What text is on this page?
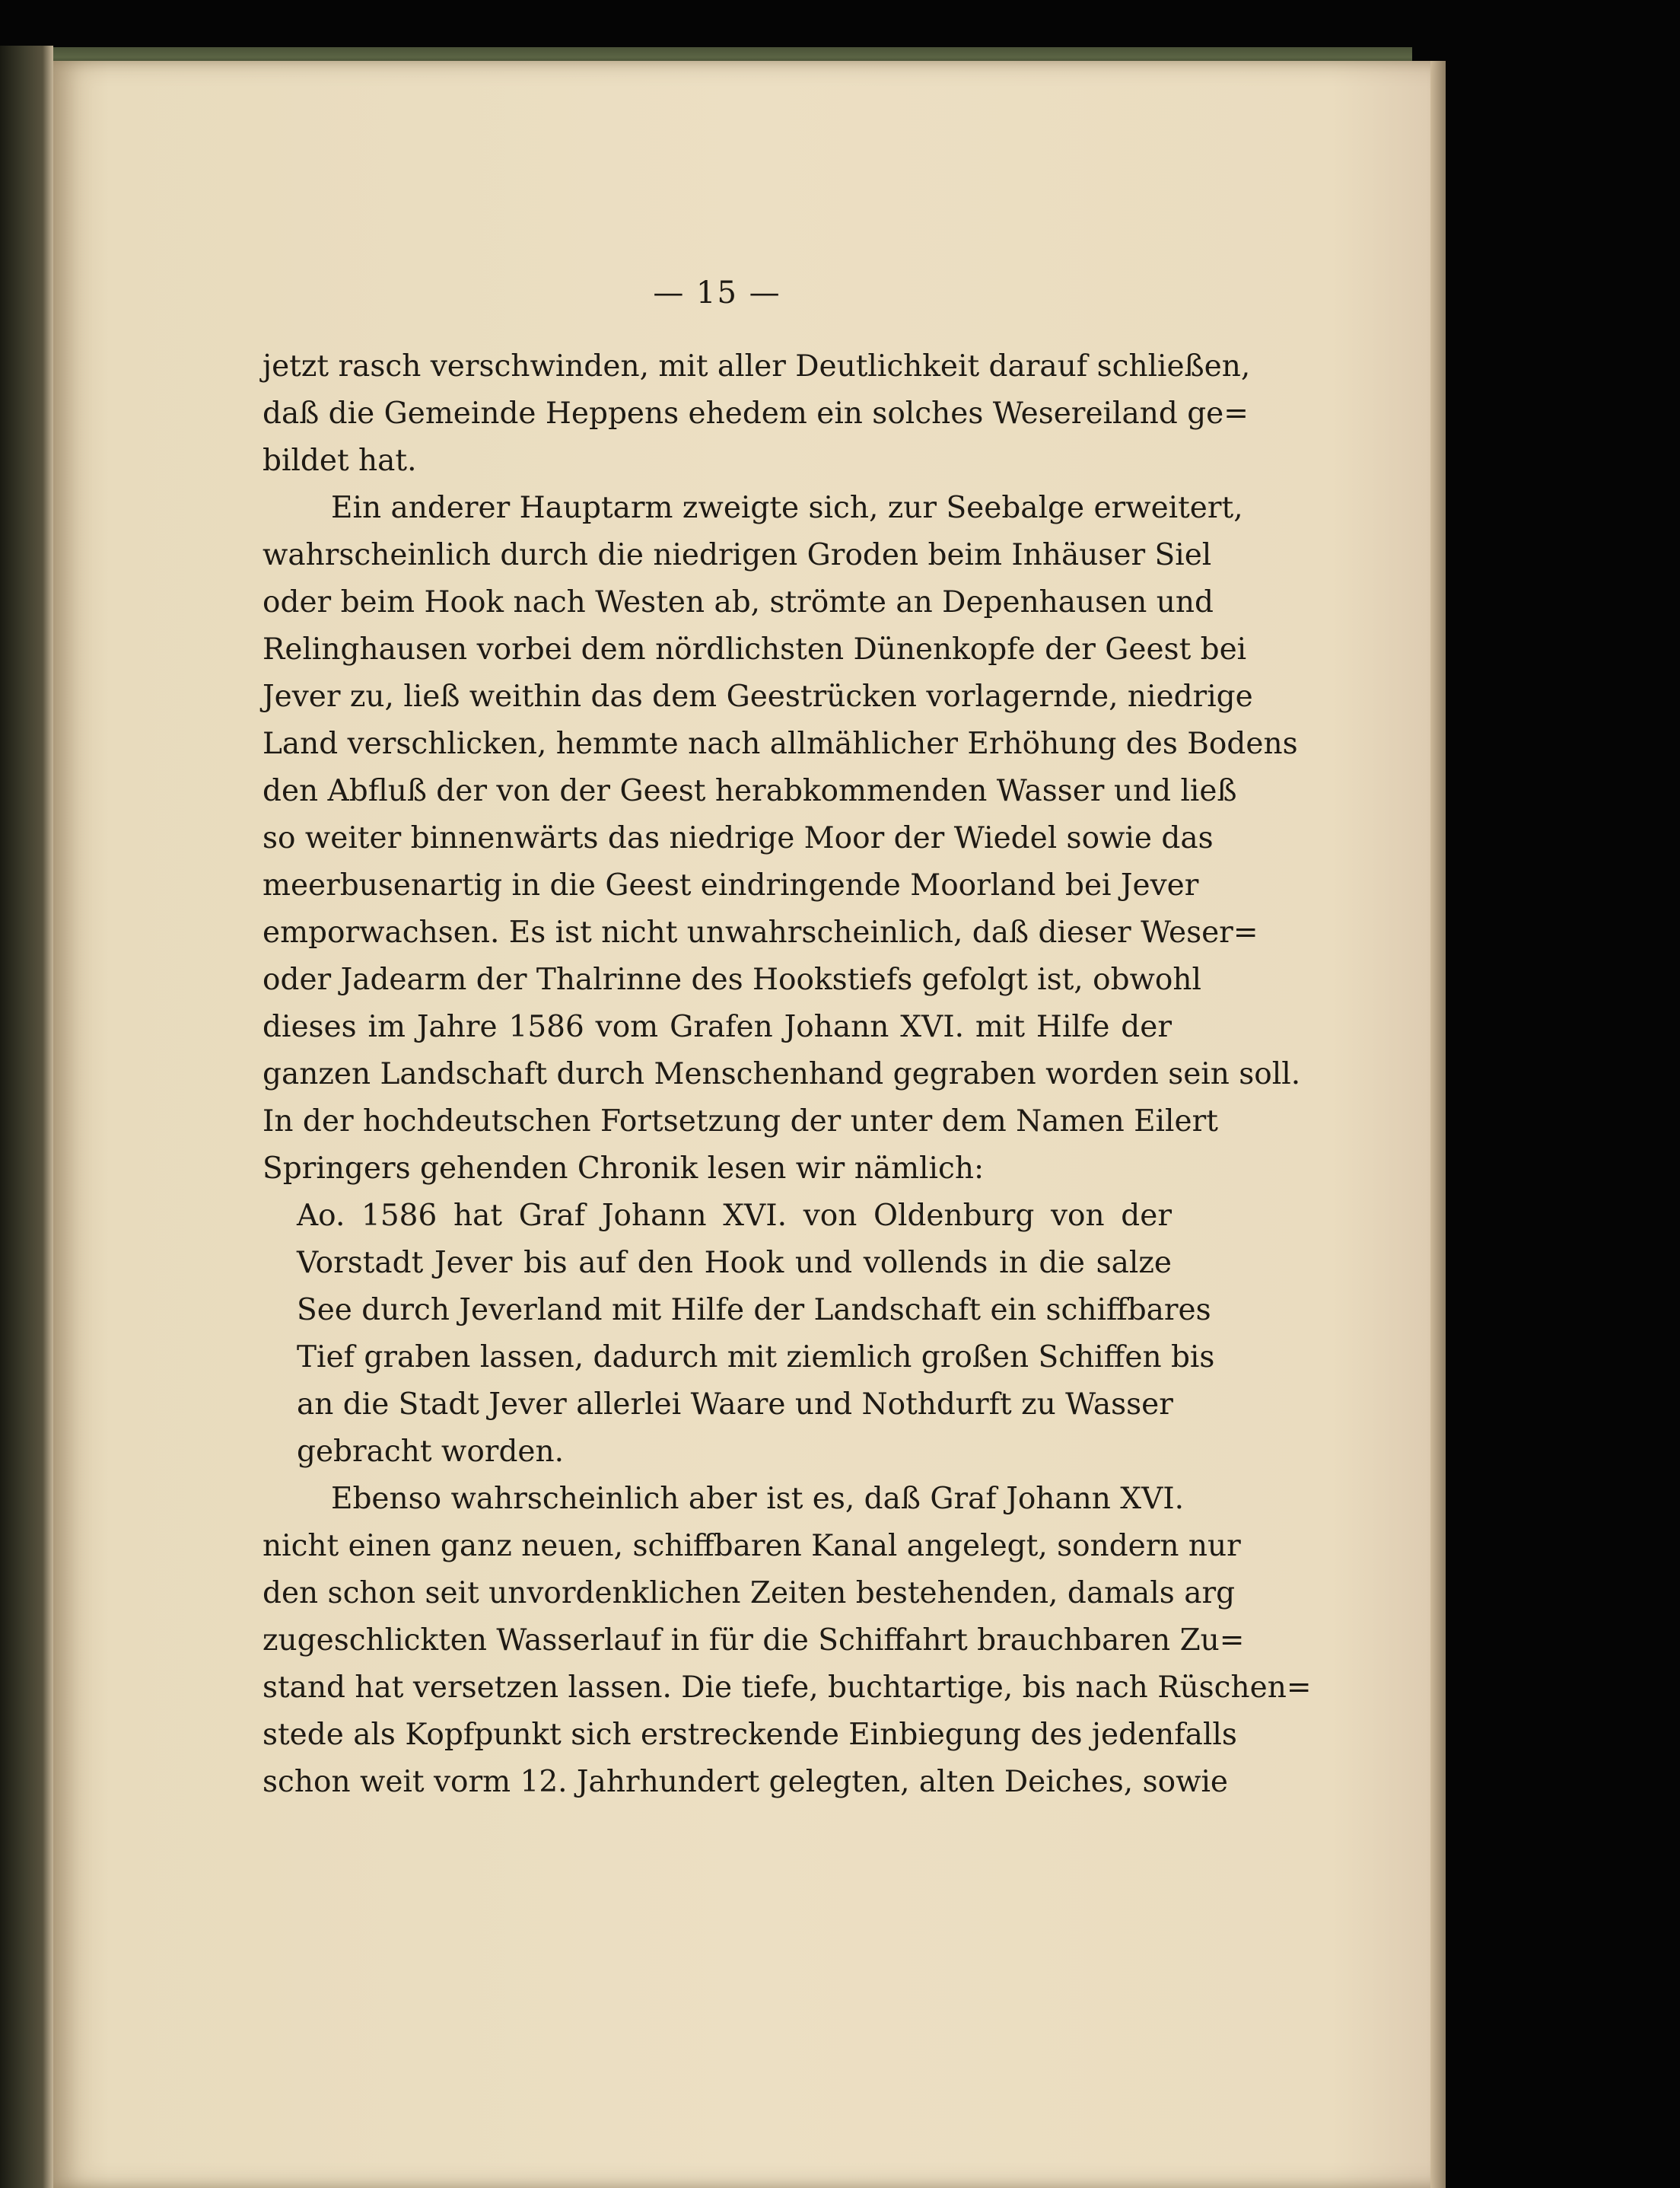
— 15 —
jetzt rasch verschwinden, mit aller Deutlichkeit darauf schließen,
daß die Gemeinde Heppens ehedem ein solches Wesereiland ge=
bildet hat.
Ein anderer Hauptarm zweigte sich, zur Seebalge erweitert,
wahrscheinlich durch die niedrigen Groden beim Inhäuser Siel
oder beim Hook nach Westen ab, strömte an Depenhausen und
Relinghausen vorbei dem nördlichsten Dünenkopfe der Geest bei
Jever zu, ließ weithin das dem Geestrücken vorlagernde, niedrige
Land verschlicken, hemmte nach allmählicher Erhöhung des Bodens
den Abfluß der von der Geest herabkommenden Wasser und ließ
so weiter binnenwärts das niedrige Moor der Wiedel sowie das
meerbusenartig in die Geest eindringende Moorland bei Jever
emporwachsen. Es ist nicht unwahrscheinlich, daß dieser Weser=
oder Jadearm der Thalrinne des Hookstiefs gefolgt ist, obwohl
dieses im Jahre 1586 vom Grafen Johann XVI. mit Hilfe der
ganzen Landschaft durch Menschenhand gegraben worden sein soll.
In der hochdeutschen Fortsetzung der unter dem Namen Eilert
Springers gehenden Chronik lesen wir nämlich:
Ao. 1586 hat Graf Johann XVI. von Oldenburg von der
Vorstadt Jever bis auf den Hook und vollends in die salze
See durch Jeverland mit Hilfe der Landschaft ein schiffbares
Tief graben lassen, dadurch mit ziemlich großen Schiffen bis
an die Stadt Jever allerlei Waare und Nothdurft zu Wasser
gebracht worden.
Ebenso wahrscheinlich aber ist es, daß Graf Johann XVI.
nicht einen ganz neuen, schiffbaren Kanal angelegt, sondern nur
den schon seit unvordenklichen Zeiten bestehenden, damals arg
zugeschlickten Wasserlauf in für die Schiffahrt brauchbaren Zu=
stand hat versetzen lassen. Die tiefe, buchtartige, bis nach Rüschen=
stede als Kopfpunkt sich erstreckende Einbiegung des jedenfalls
schon weit vorm 12. Jahrhundert gelegten, alten Deiches, sowie
